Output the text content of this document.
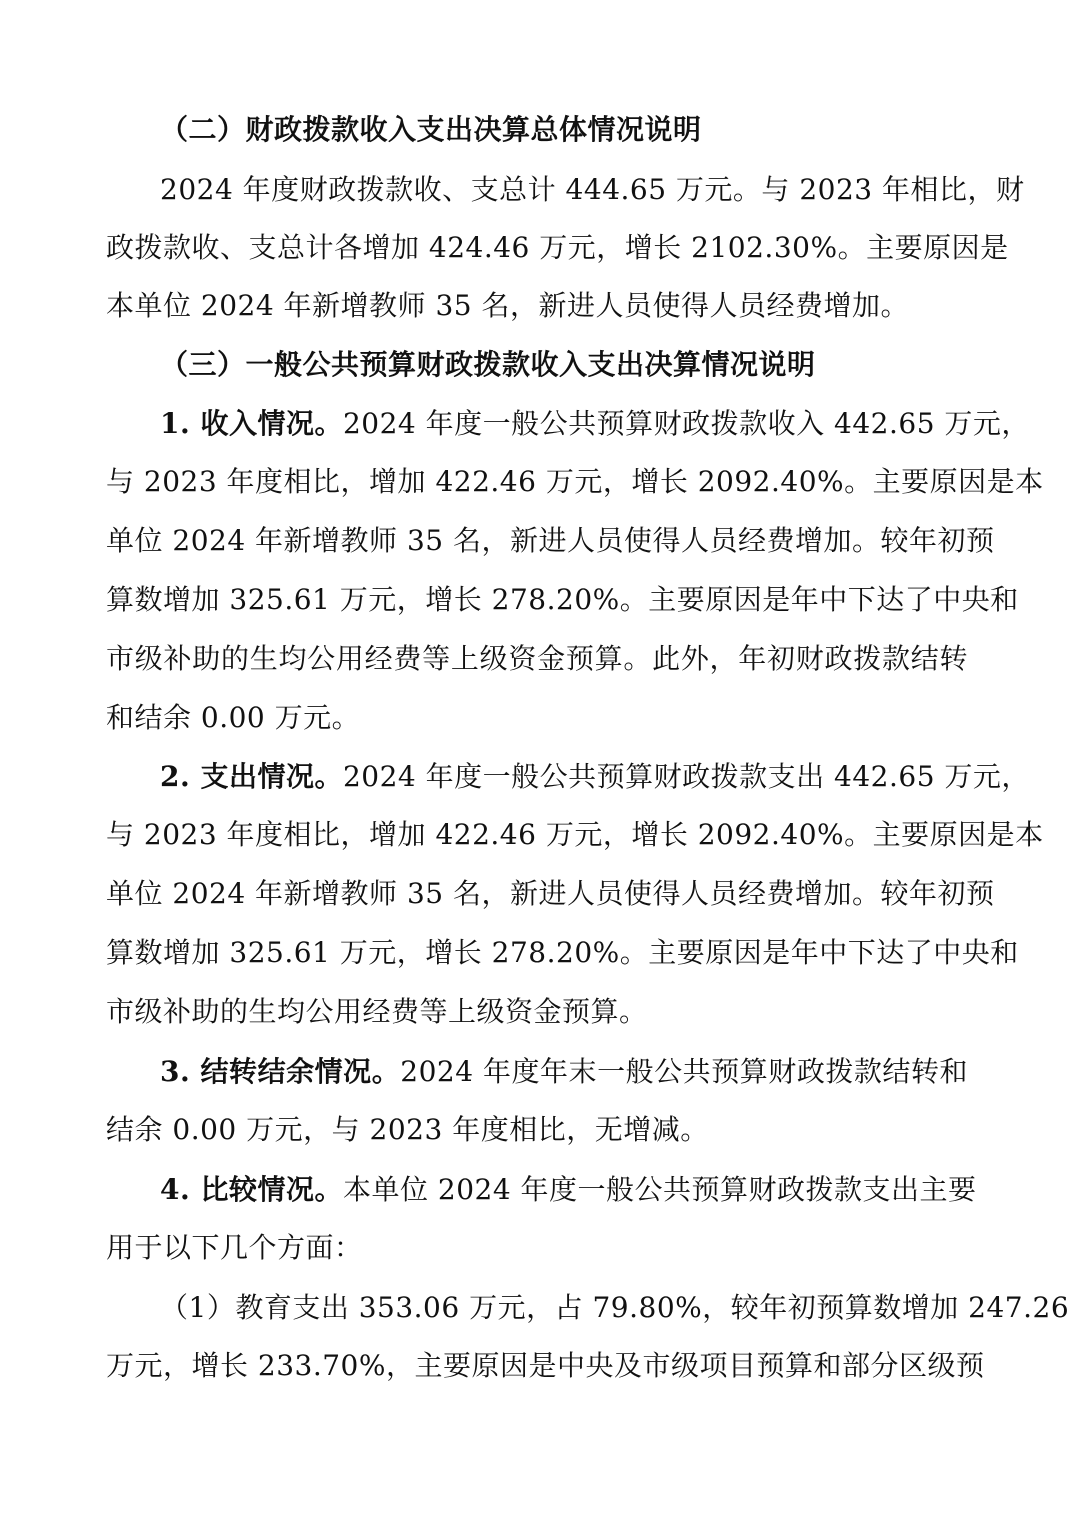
（二）财政拨款收入支出决算总体情况说明
2024 年度财政拨款收、支总计 444.65 万元。与 2023 年相比，财
政拨款收、支总计各增加 424.46 万元，增长 2102.30%。主要原因是
本单位 2024 年新增教师 35 名，新进人员使得人员经费增加。
（三）一般公共预算财政拨款收入支出决算情况说明
1. 收入情况。2024 年度一般公共预算财政拨款收入 442.65 万元，
与 2023 年度相比，增加 422.46 万元，增长 2092.40%。主要原因是本
单位 2024 年新增教师 35 名，新进人员使得人员经费增加。较年初预
算数增加 325.61 万元，增长 278.20%。主要原因是年中下达了中央和
市级补助的生均公用经费等上级资金预算。此外，年初财政拨款结转
和结余 0.00 万元。
2. 支出情况。2024 年度一般公共预算财政拨款支出 442.65 万元，
与 2023 年度相比，增加 422.46 万元，增长 2092.40%。主要原因是本
单位 2024 年新增教师 35 名，新进人员使得人员经费增加。较年初预
算数增加 325.61 万元，增长 278.20%。主要原因是年中下达了中央和
市级补助的生均公用经费等上级资金预算。
3. 结转结余情况。2024 年度年末一般公共预算财政拨款结转和
结余 0.00 万元，与 2023 年度相比，无增减。
4. 比较情况。本单位 2024 年度一般公共预算财政拨款支出主要
用于以下几个方面：
（1）教育支出 353.06 万元，占 79.80%，较年初预算数增加 247.26
万元，增长 233.70%，主要原因是中央及市级项目预算和部分区级预
